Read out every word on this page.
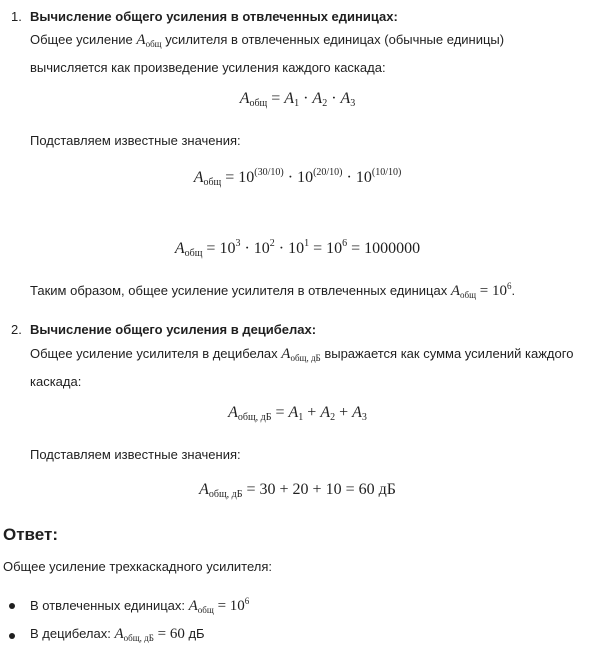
1. Вычисление общего усиления в отвлеченных единицах:
Общее усиление $A_{общ}$ усилителя в отвлеченных единицах (обычные единицы) вычисляется как произведение усиления каждого каскада:
$A_{общ} = A_1 \cdot A_2 \cdot A_3$
Подставляем известные значения:
$A_{общ} = 10^{(30/10)} \cdot 10^{(20/10)} \cdot 10^{(10/10)}$
$A_{общ} = 10^3 \cdot 10^2 \cdot 10^1 = 10^6 = 1000000$
Таким образом, общее усиление усилителя в отвлеченных единицах $A_{общ} = 10^6$.
2. Вычисление общего усиления в децибелах:
Общее усиление усилителя в децибелах $A_{общ, дБ}$ выражается как сумма усилений каждого каскада:
$A_{общ, дБ} = A_1 + A_2 + A_3$
Подставляем известные значения:
$A_{общ, дБ} = 30 + 20 + 10 = 60$ дБ
Ответ:
Общее усиление трехкаскадного усилителя:
В отвлеченных единицах: $A_{общ} = 10^6$
В децибелах: $A_{общ, дБ} = 60$ дБ
